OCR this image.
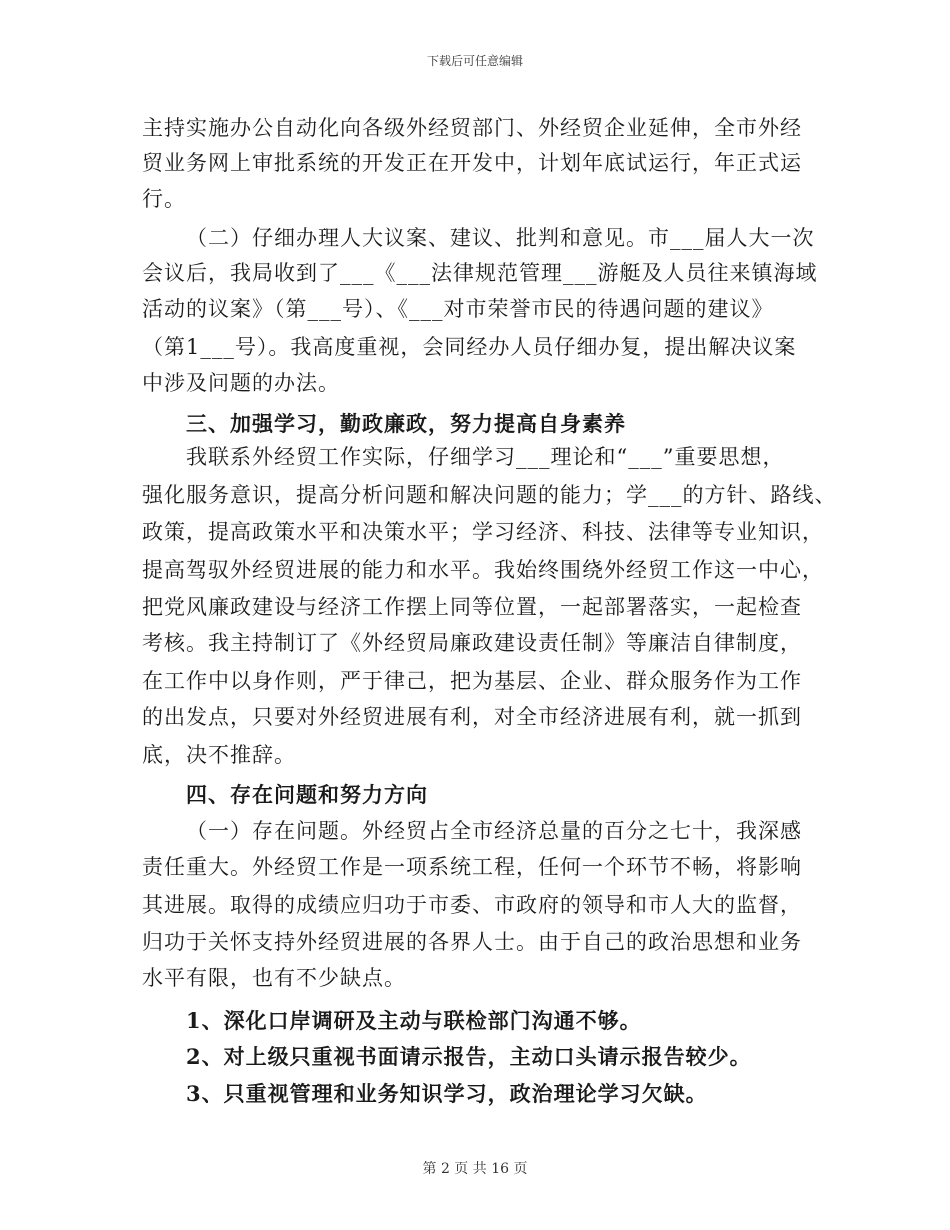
下载后可任意编辑
主持实施办公自动化向各级外经贸部门、外经贸企业延伸，全市外经
贸业务网上审批系统的开发正在开发中，计划年底试运行，年正式运
行。
（二）仔细办理人大议案、建议、批判和意见。市___届人大一次
会议后，我局收到了___《___法律规范管理___游艇及人员往来镇海域
活动的议案》（第___号）、《___对市荣誉市民的待遇问题的建议》
（第1___号）。我高度重视，会同经办人员仔细办复，提出解决议案
中涉及问题的办法。
三、加强学习，勤政廉政，努力提高自身素养
我联系外经贸工作实际，仔细学习___理论和“___”重要思想，
强化服务意识，提高分析问题和解决问题的能力；学___的方针、路线、
政策，提高政策水平和决策水平；学习经济、科技、法律等专业知识，
提高驾驭外经贸进展的能力和水平。我始终围绕外经贸工作这一中心，
把党风廉政建设与经济工作摆上同等位置，一起部署落实，一起检查
考核。我主持制订了《外经贸局廉政建设责任制》等廉洁自律制度，
在工作中以身作则，严于律己，把为基层、企业、群众服务作为工作
的出发点，只要对外经贸进展有利，对全市经济进展有利，就一抓到
底，决不推辞。
四、存在问题和努力方向
（一）存在问题。外经贸占全市经济总量的百分之七十，我深感
责任重大。外经贸工作是一项系统工程，任何一个环节不畅，将影响
其进展。取得的成绩应归功于市委、市政府的领导和市人大的监督，
归功于关怀支持外经贸进展的各界人士。由于自己的政治思想和业务
水平有限，也有不少缺点。
1、深化口岸调研及主动与联检部门沟通不够。
2、对上级只重视书面请示报告，主动口头请示报告较少。
3、只重视管理和业务知识学习，政治理论学习欠缺。
第 2 页 共 16 页
